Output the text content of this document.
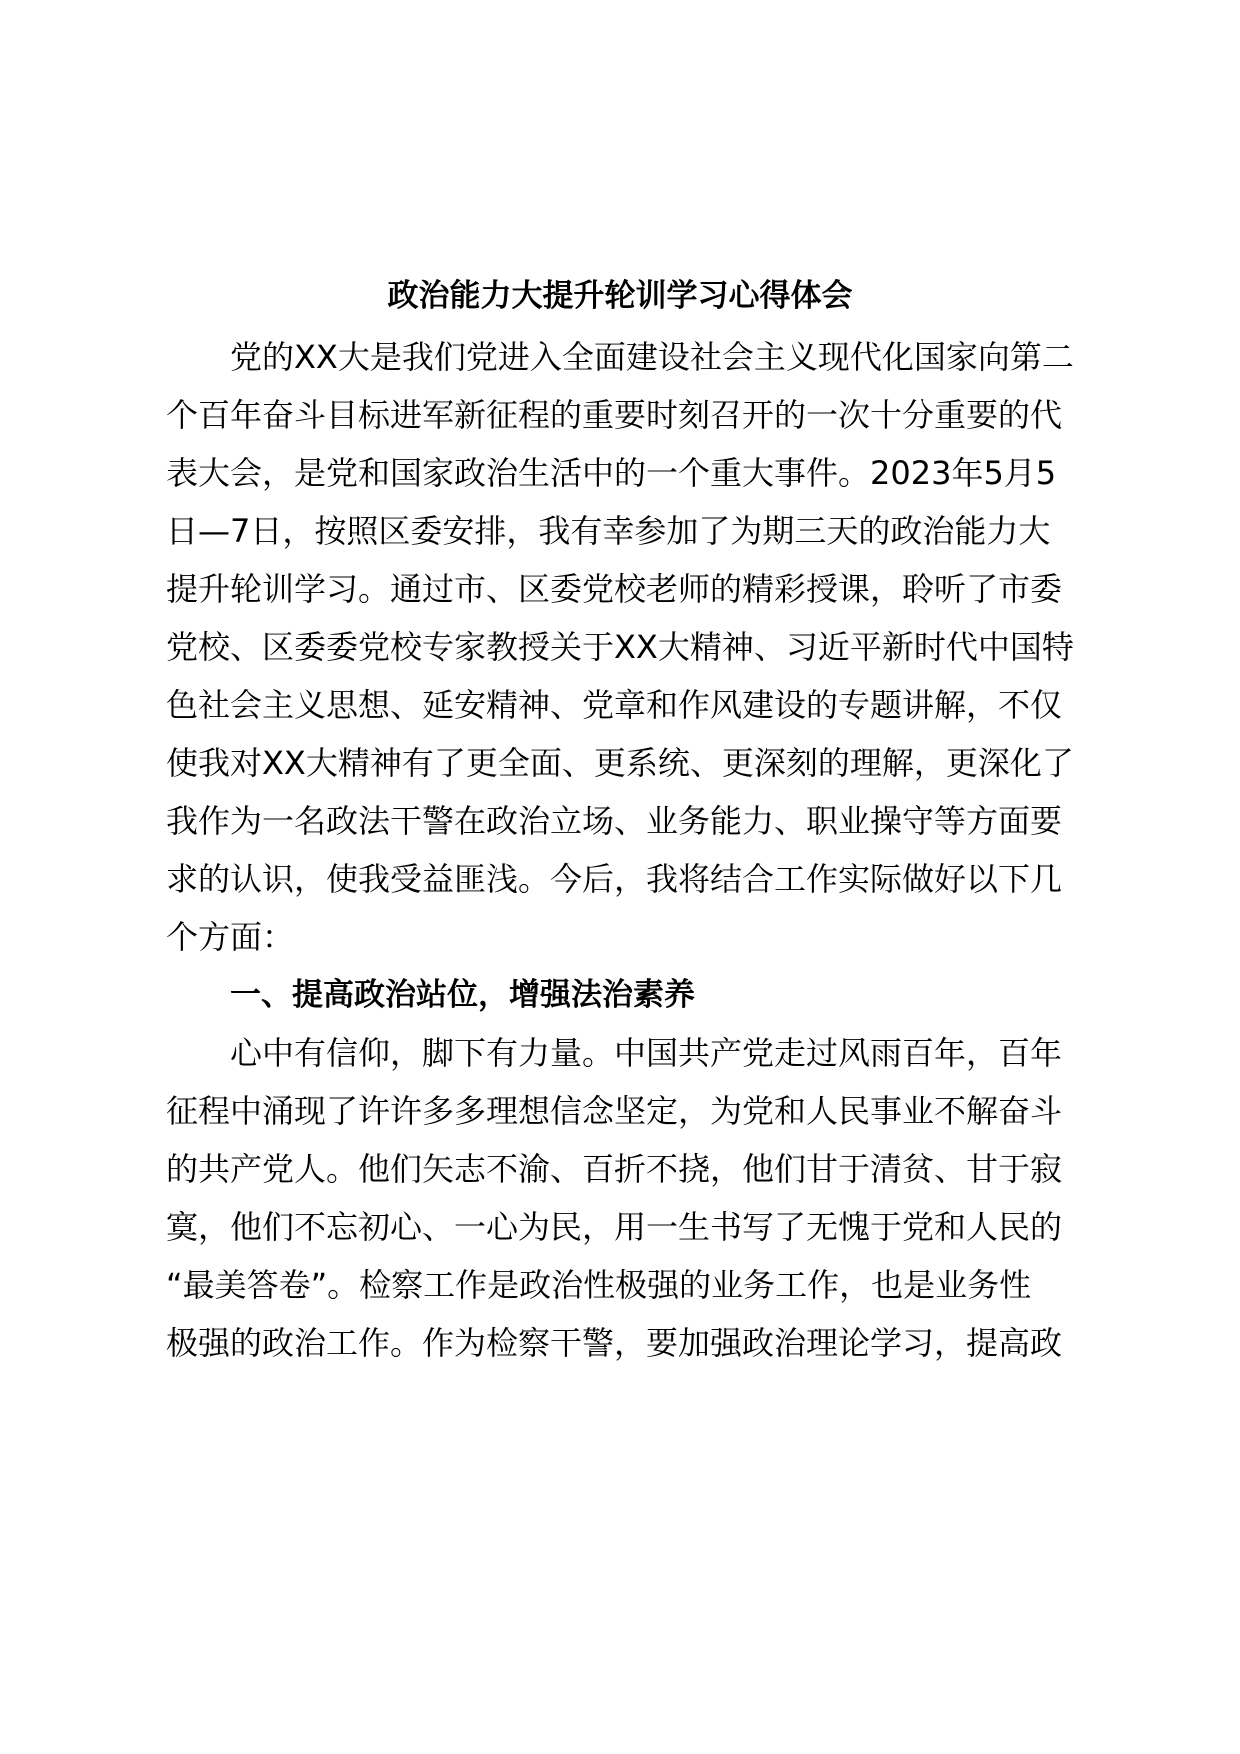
政治能力大提升轮训学习心得体会

党的XX大是我们党进入全面建设社会主义现代化国家向第二

个百年奋斗目标进军新征程的重要时刻召开的一次十分重要的代

表大会，是党和国家政治生活中的一个重大事件。2023年5月5

日—7日，按照区委安排，我有幸参加了为期三天的政治能力大

提升轮训学习。通过市、区委党校老师的精彩授课，聆听了市委

党校、区委委党校专家教授关于XX大精神、习近平新时代中国特

色社会主义思想、延安精神、党章和作风建设的专题讲解，不仅

使我对XX大精神有了更全面、更系统、更深刻的理解，更深化了

我作为一名政法干警在政治立场、业务能力、职业操守等方面要

求的认识，使我受益匪浅。今后，我将结合工作实际做好以下几

个方面：

一、提高政治站位，增强法治素养

心中有信仰，脚下有力量。中国共产党走过风雨百年，百年

征程中涌现了许许多多理想信念坚定，为党和人民事业不解奋斗

的共产党人。他们矢志不渝、百折不挠，他们甘于清贫、甘于寂

寞，他们不忘初心、一心为民，用一生书写了无愧于党和人民的

“最美答卷”。检察工作是政治性极强的业务工作，也是业务性

极强的政治工作。作为检察干警，要加强政治理论学习，提高政
